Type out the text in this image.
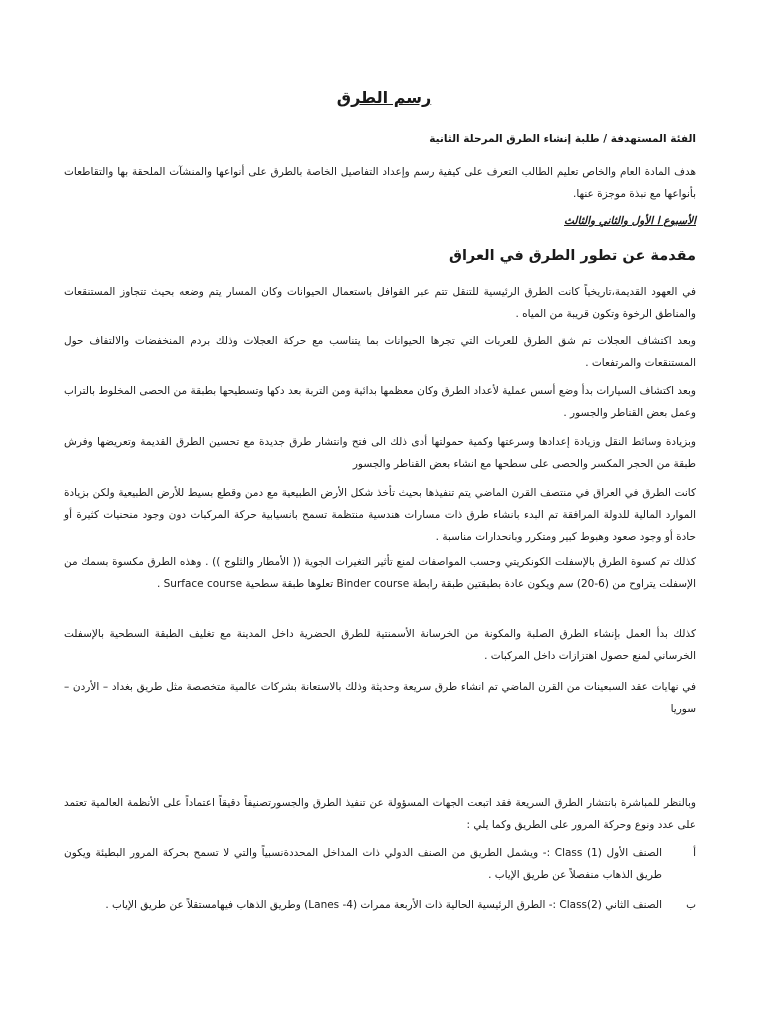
رسم الطرق

الفئة المستهدفة / طلبة إنشاء الطرق المرحلة الثانية

هدف المادة العام والخاص تعليم الطالب التعرف على كيفية رسم وإعداد التفاصيل الخاصة بالطرق على أنواعها والمنشآت الملحقة بها والتقاطعات بأنواعها مع نبذة موجزة عنها.

الأسبوع ا الأول والثاني والثالث

مقدمة عن تطور الطرق في العراق

في العهود القديمة،تاريخياً كانت الطرق الرئيسية للتنقل تتم عبر القوافل باستعمال الحيوانات وكان المسار يتم وضعه بحيث تتجاوز المستنقعات والمناطق الرخوة وتكون قريبة من المياه .

وبعد اكتشاف العجلات تم شق الطرق للعربات التي تجرها الحيوانات بما يتناسب مع حركة العجلات وذلك بردم المنخفضات والالتفاف حول المستنقعات والمرتفعات .

وبعد اكتشاف السيارات بدأ وضع أسس عملية لأعداد الطرق وكان معظمها بدائية ومن التربة بعد دكها وتسطيحها بطبقة من الحصى المخلوط بالتراب وعمل بعض القناطر والجسور .

وبزيادة وسائط النقل وزيادة إعدادها وسرعتها وكمية حمولتها أدى ذلك الى فتح وانتشار طرق جديدة مع تحسين الطرق القديمة وتعريضها وفرش طبقة من الحجر المكسر والحصى على سطحها مع انشاء بعض القناطر والجسور

كانت الطرق في العراق في منتصف القرن الماضي يتم تنفيذها بحيث تأخذ شكل الأرض الطبيعية مع دمن وقطع بسيط للأرض الطبيعية ولكن بزيادة الموارد المالية للدولة المرافقة تم البدء بانشاء طرق ذات مسارات هندسية منتظمة تسمح بانسيابية حركة المركبات دون وجود منحنيات كثيرة أو حادة أو وجود صعود وهبوط كبير ومتكرر وبانحدارات مناسبة .

كذلك تم كسوة الطرق بالإسفلت الكونكريتي وحسب المواصفات لمنع تأثير التغيرات الجوية (( الأمطار والثلوج )) . وهذه الطرق مكسوة بسمك من الإسفلت يتراوح من (6-20) سم ويكون عادة بطبقتين طبقة رابطة Binder course تعلوها طبقة سطحية Surface course .

كذلك بدأ العمل بإنشاء الطرق الصلبة والمكونة من الخرسانة الأسمنتية للطرق الحضرية داخل المدينة مع تغليف الطبقة السطحية بالإسفلت الخرساني لمنع حصول اهتزازات داخل المركبات .

في نهايات عقد السبعينات من القرن الماضي تم انشاء طرق سريعة وحديثة وذلك بالاستعانة بشركات عالمية متخصصة مثل طريق بغداد – الأردن – سوريا

وبالنظر للمباشرة بانتشار الطرق السريعة فقد اتبعت الجهات المسؤولة عن تنفيذ الطرق والجسورتصنيفاً دقيقاً اعتماداً على الأنظمة العالمية تعتمد على عدد ونوع وحركة المرور على الطريق وكما يلي :

أ
الصنف الأول Class (1) :- ويشمل الطريق من الصنف الدولي ذات المداخل المحددةنسبياً والتي لا تسمح بحركة المرور البطيئة ويكون طريق الذهاب منفصلاً عن طريق الإياب .
ب
الصنف الثاني Class(2) :- الطرق الرئيسية الحالية ذات الأربعة ممرات (4- Lanes) وطريق الذهاب فيهامستقلاً عن طريق الإياب .
